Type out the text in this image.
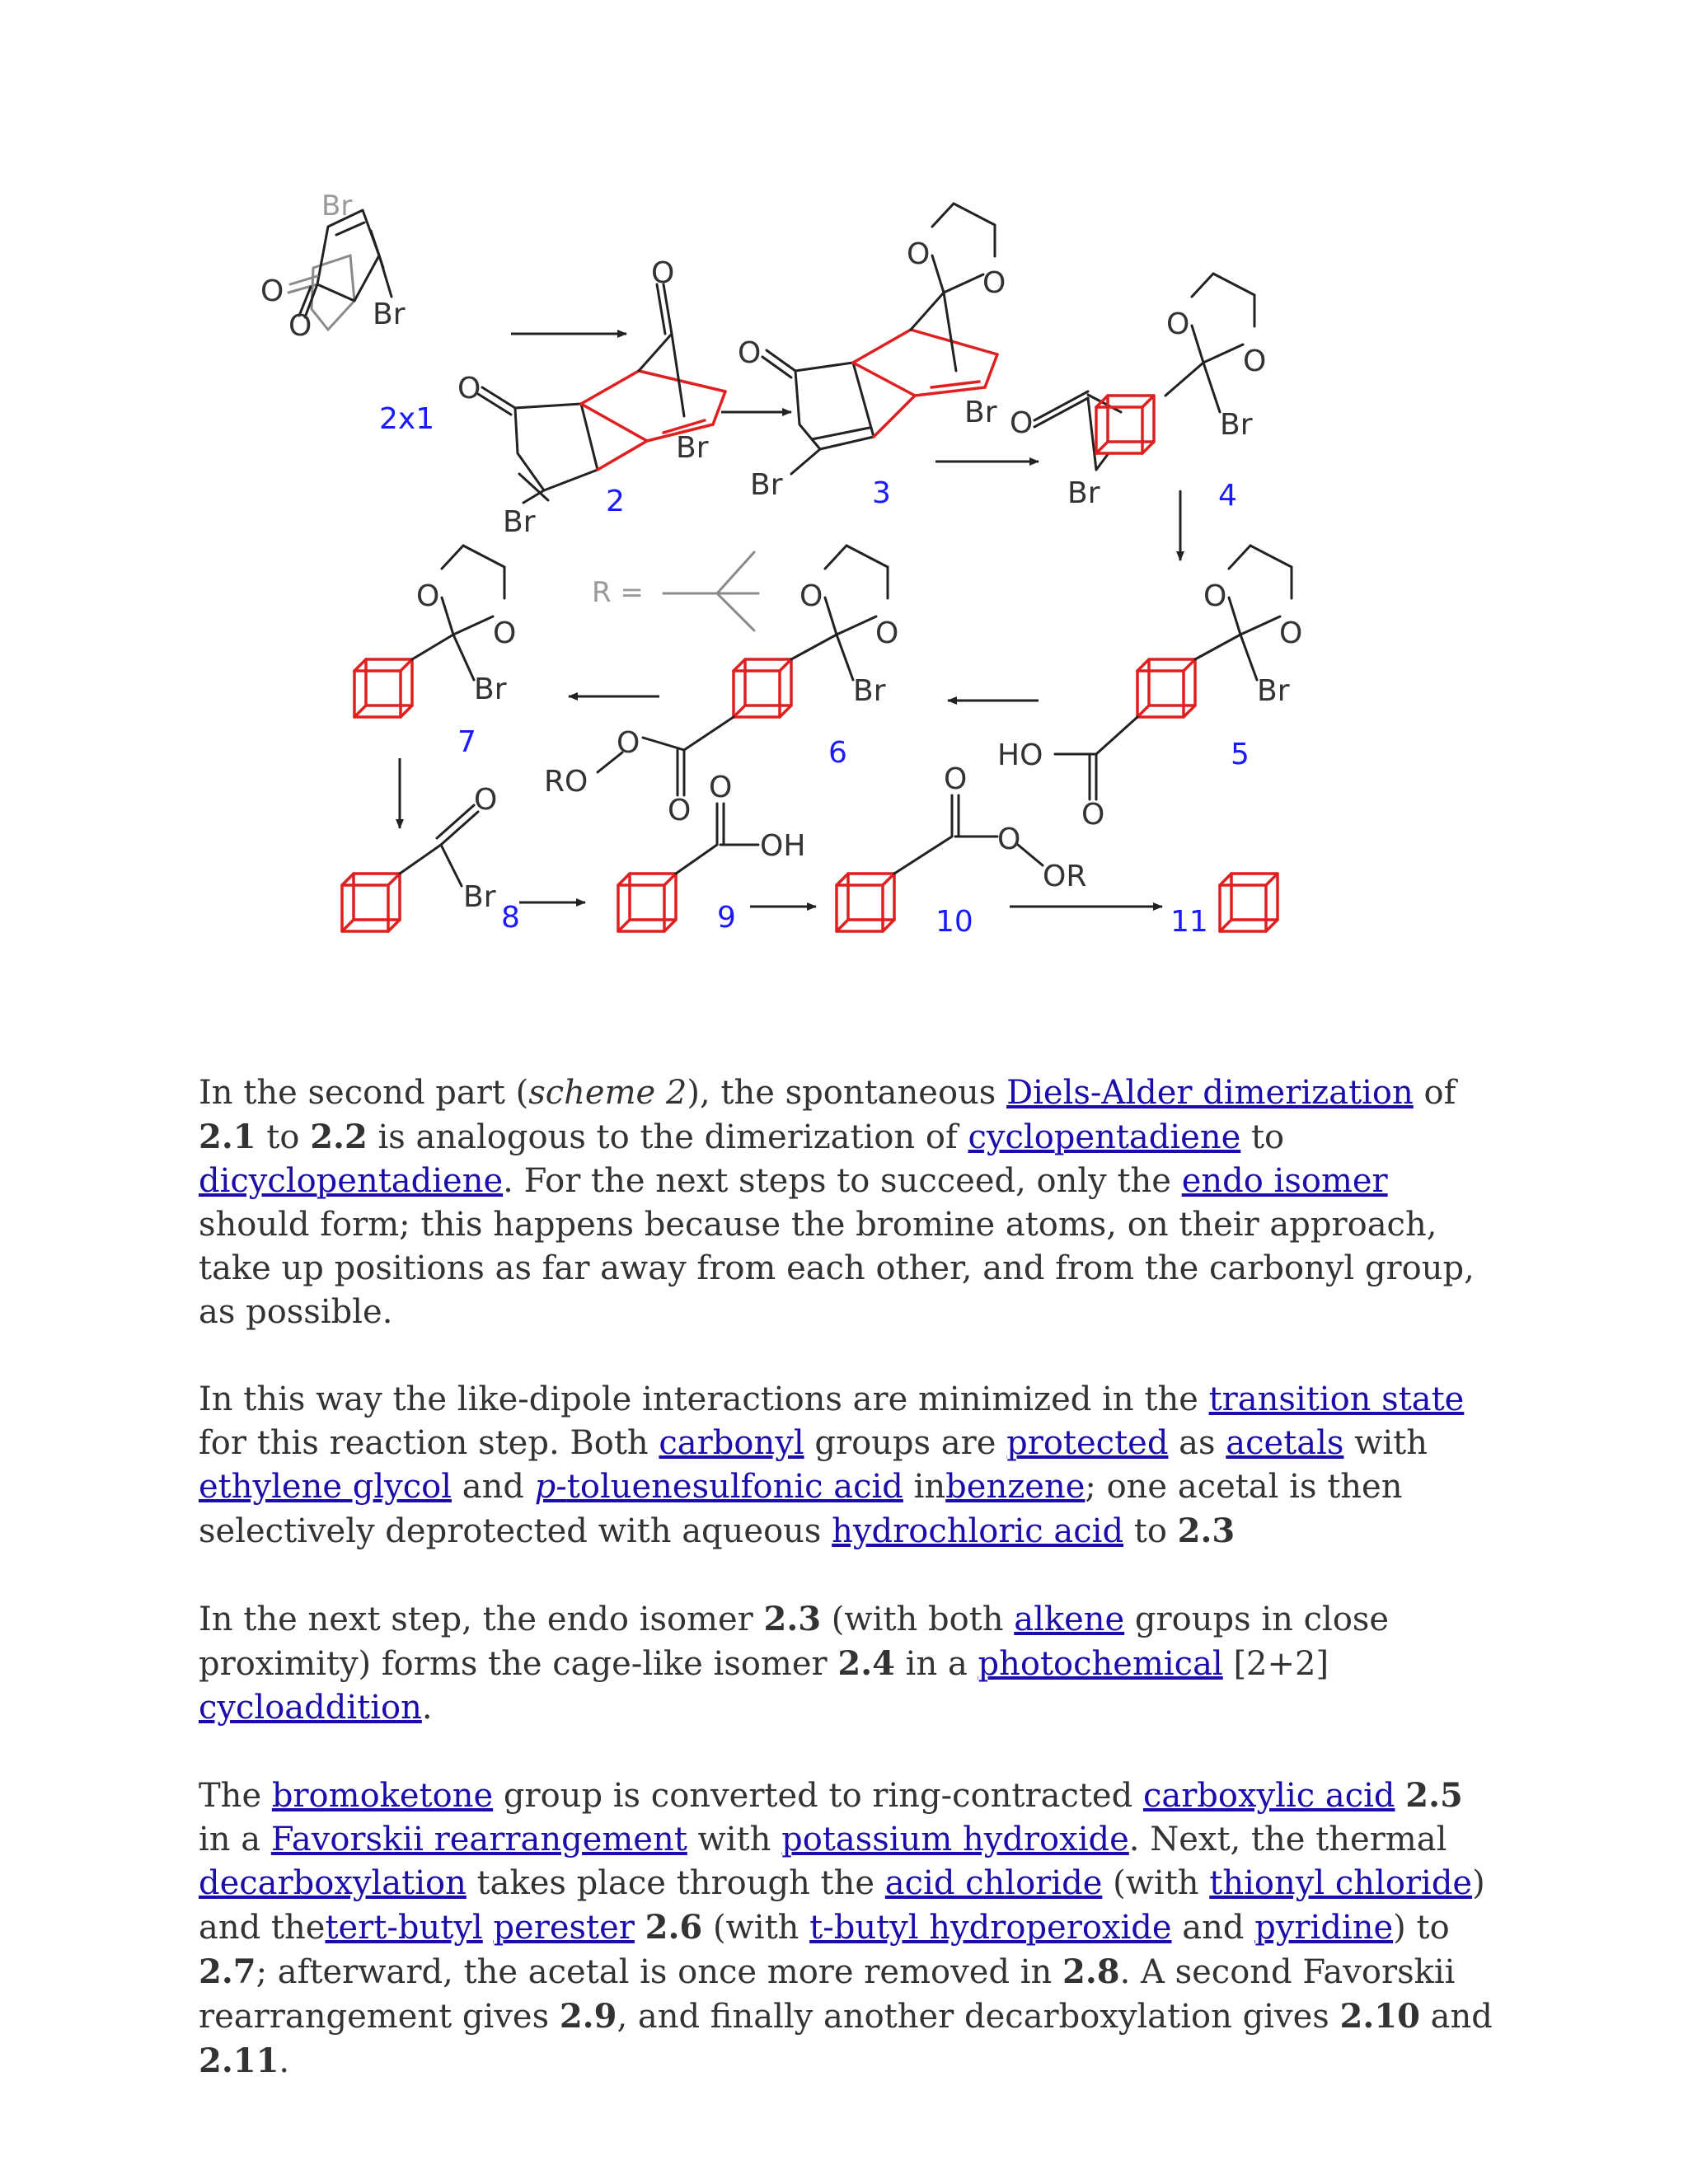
O
O Br
Br
2x1
O
O
Br
Br
2
O
O
O
Br
Br
3
O
O
O
Br
Br
4
O
O
HO
O
Br
5
O
O
O
O
RO
Br
6
R =
O
O
Br
7
O
Br
8
O
OH
9
O
O
OR
10	11

In the second part (scheme 2), the spontaneous Diels-Alder dimerization of 2.1 to 2.2 is analogous to the dimerization of cyclopentadiene to dicyclopentadiene. For the next steps to succeed, only the endo isomer should form; this happens because the bromine atoms, on their approach, take up positions as far away from each other, and from the carbonyl group, as possible.

In this way the like-dipole interactions are minimized in the transition state for this reaction step. Both carbonyl groups are protected as acetals with ethylene glycol and p-toluenesulfonic acid inbenzene; one acetal is then selectively deprotected with aqueous hydrochloric acid to 2.3

In the next step, the endo isomer 2.3 (with both alkene groups in close proximity) forms the cage-like isomer 2.4 in a photochemical [2+2] cycloaddition.

The bromoketone group is converted to ring-contracted carboxylic acid 2.5 in a Favorskii rearrangement with potassium hydroxide. Next, the thermal decarboxylation takes place through the acid chloride (with thionyl chloride) and thetert-butyl perester 2.6 (with t-butyl hydroperoxide and pyridine) to 2.7; afterward, the acetal is once more removed in 2.8. A second Favorskii rearrangement gives 2.9, and finally another decarboxylation gives 2.10 and 2.11.
